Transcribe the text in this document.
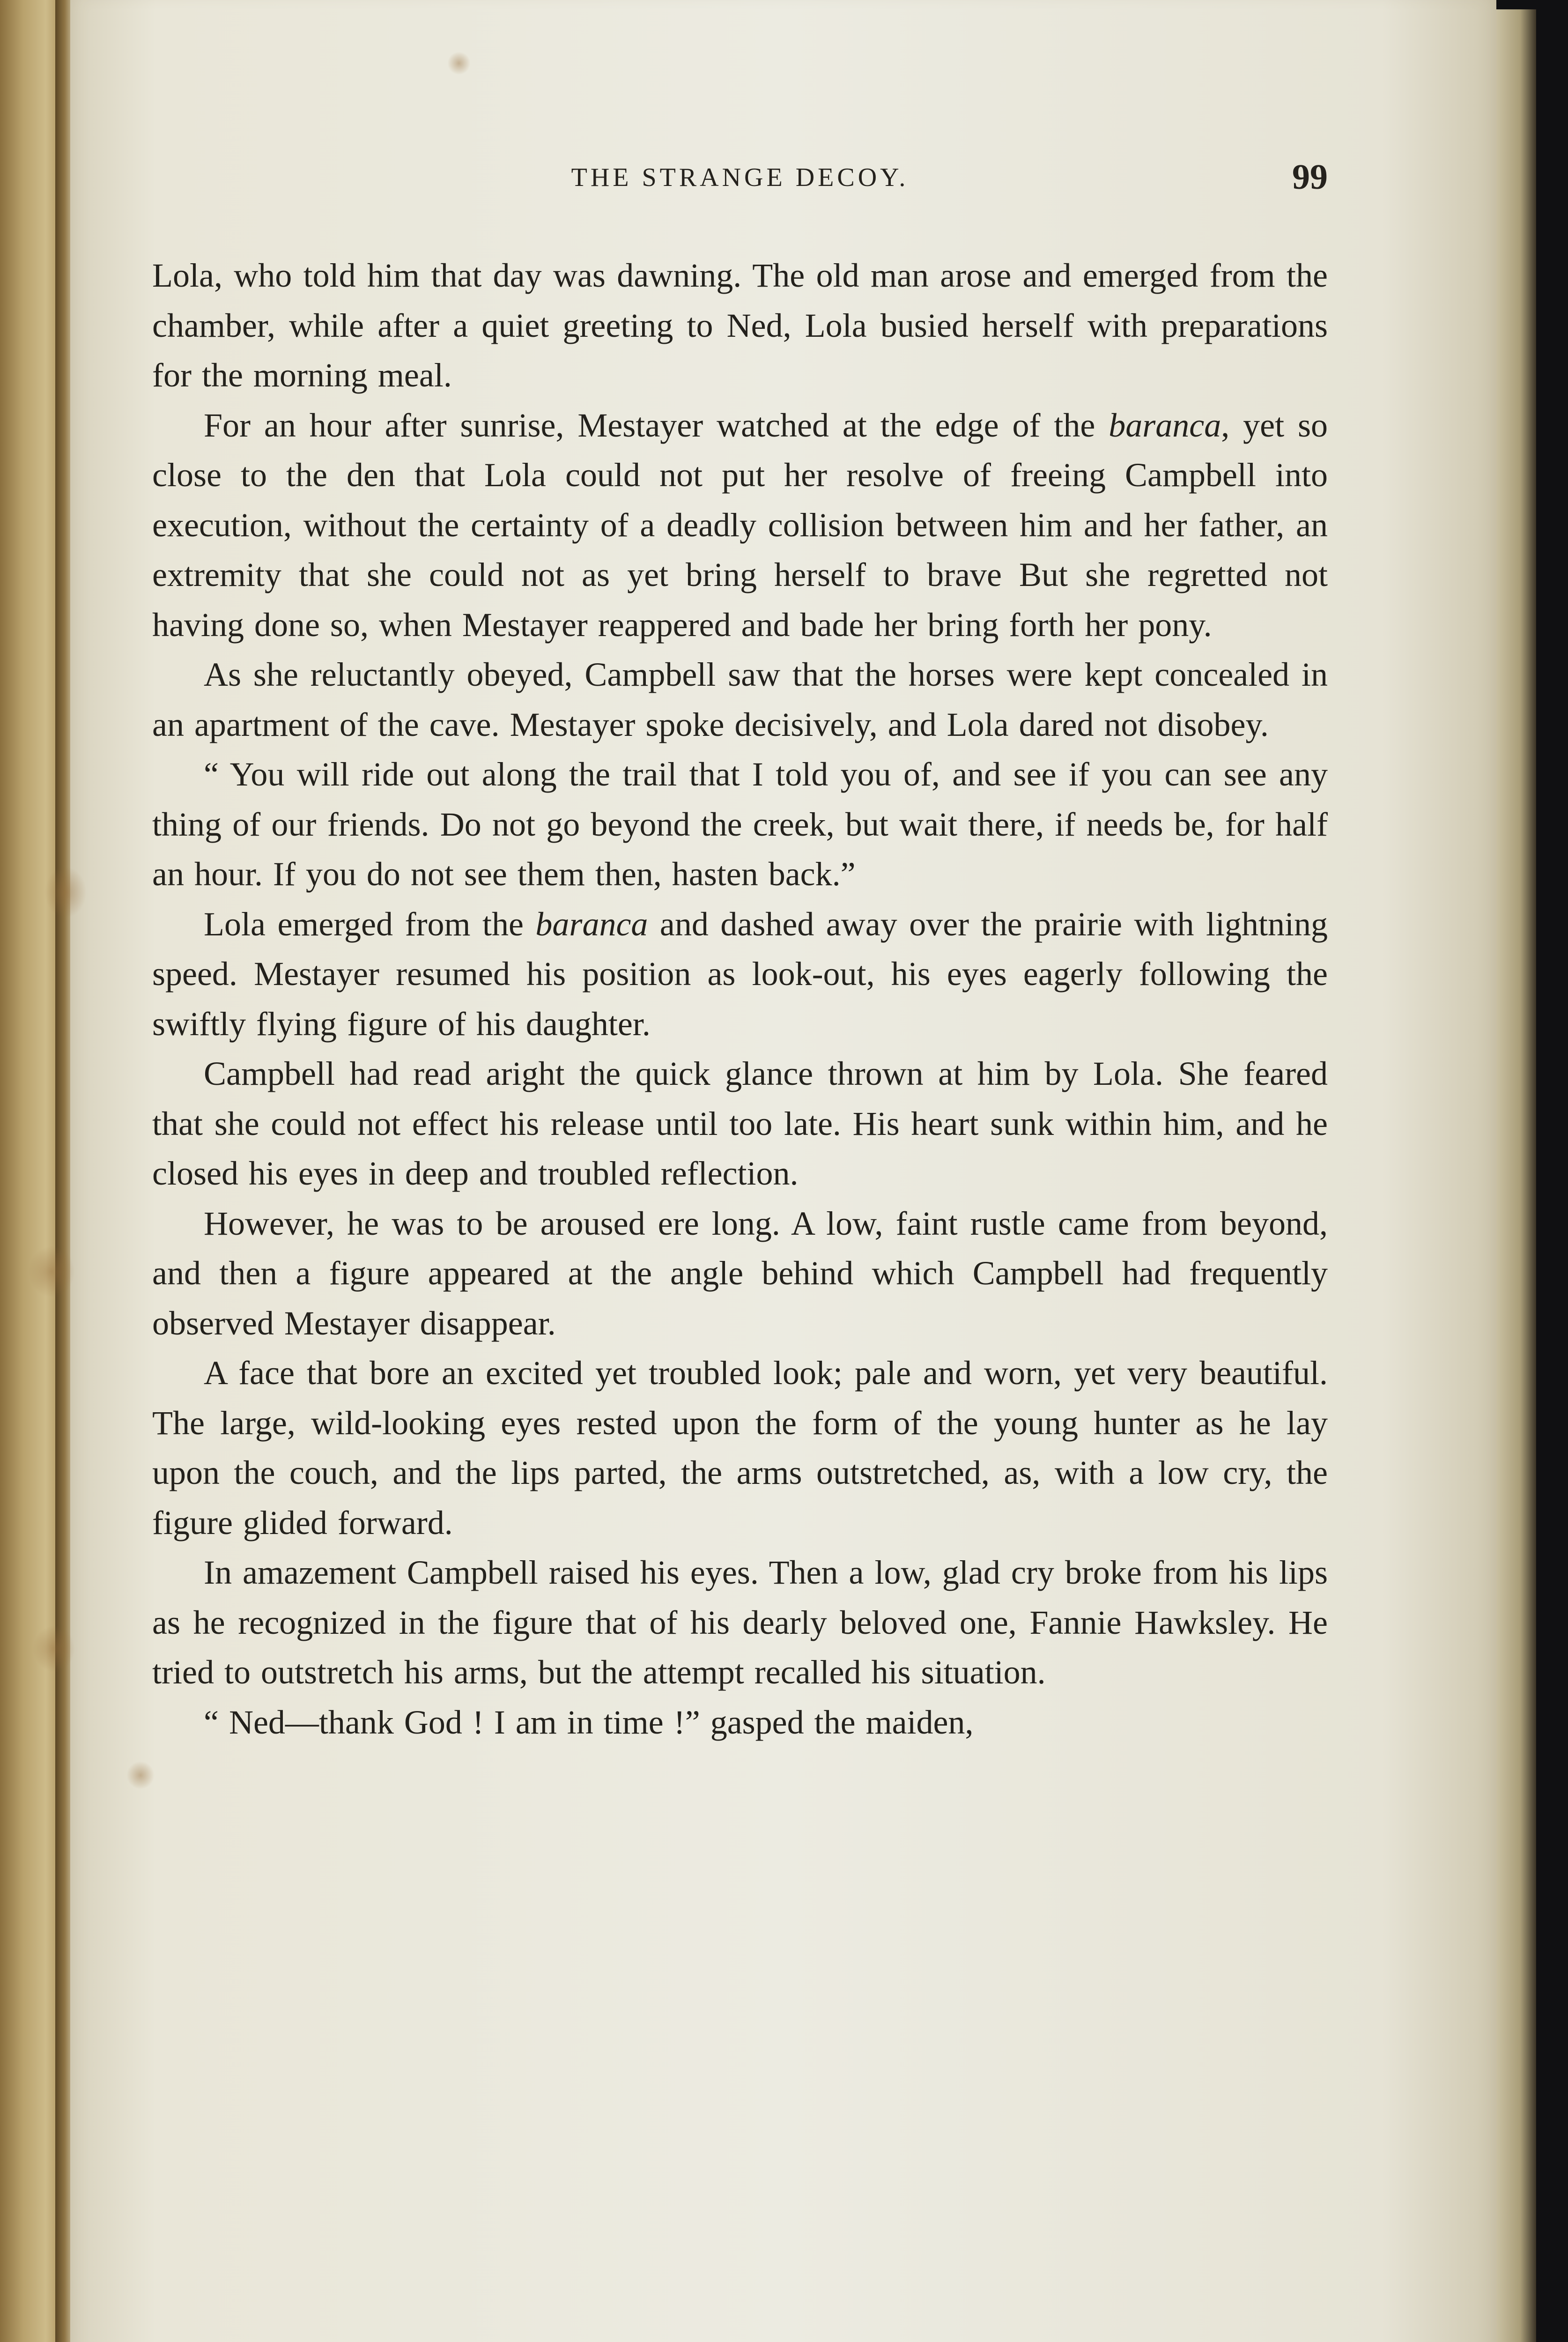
THE STRANGE DECOY.	99

Lola, who told him that day was dawning. The old man arose and emerged from the chamber, while after a quiet greeting to Ned, Lola busied herself with preparations for the morning meal.

For an hour after sunrise, Mestayer watched at the edge of the baranca, yet so close to the den that Lola could not put her resolve of freeing Campbell into execution, without the certainty of a deadly collision between him and her father, an extremity that she could not as yet bring herself to brave But she regretted not having done so, when Mestayer reappered and bade her bring forth her pony.

As she reluctantly obeyed, Campbell saw that the horses were kept concealed in an apartment of the cave. Mestayer spoke decisively, and Lola dared not disobey.

“ You will ride out along the trail that I told you of, and see if you can see any thing of our friends. Do not go beyond the creek, but wait there, if needs be, for half an hour. If you do not see them then, hasten back.”

Lola emerged from the baranca and dashed away over the prairie with lightning speed. Mestayer resumed his position as look-out, his eyes eagerly following the swiftly flying figure of his daughter.

Campbell had read aright the quick glance thrown at him by Lola. She feared that she could not effect his release until too late. His heart sunk within him, and he closed his eyes in deep and troubled reflection.

However, he was to be aroused ere long. A low, faint rustle came from beyond, and then a figure appeared at the angle behind which Campbell had frequently observed Mestayer disappear.

A face that bore an excited yet troubled look; pale and worn, yet very beautiful. The large, wild-looking eyes rested upon the form of the young hunter as he lay upon the couch, and the lips parted, the arms outstretched, as, with a low cry, the figure glided forward.

In amazement Campbell raised his eyes. Then a low, glad cry broke from his lips as he recognized in the figure that of his dearly beloved one, Fannie Hawksley. He tried to outstretch his arms, but the attempt recalled his situation.

“ Ned—thank God ! I am in time !” gasped the maiden,
